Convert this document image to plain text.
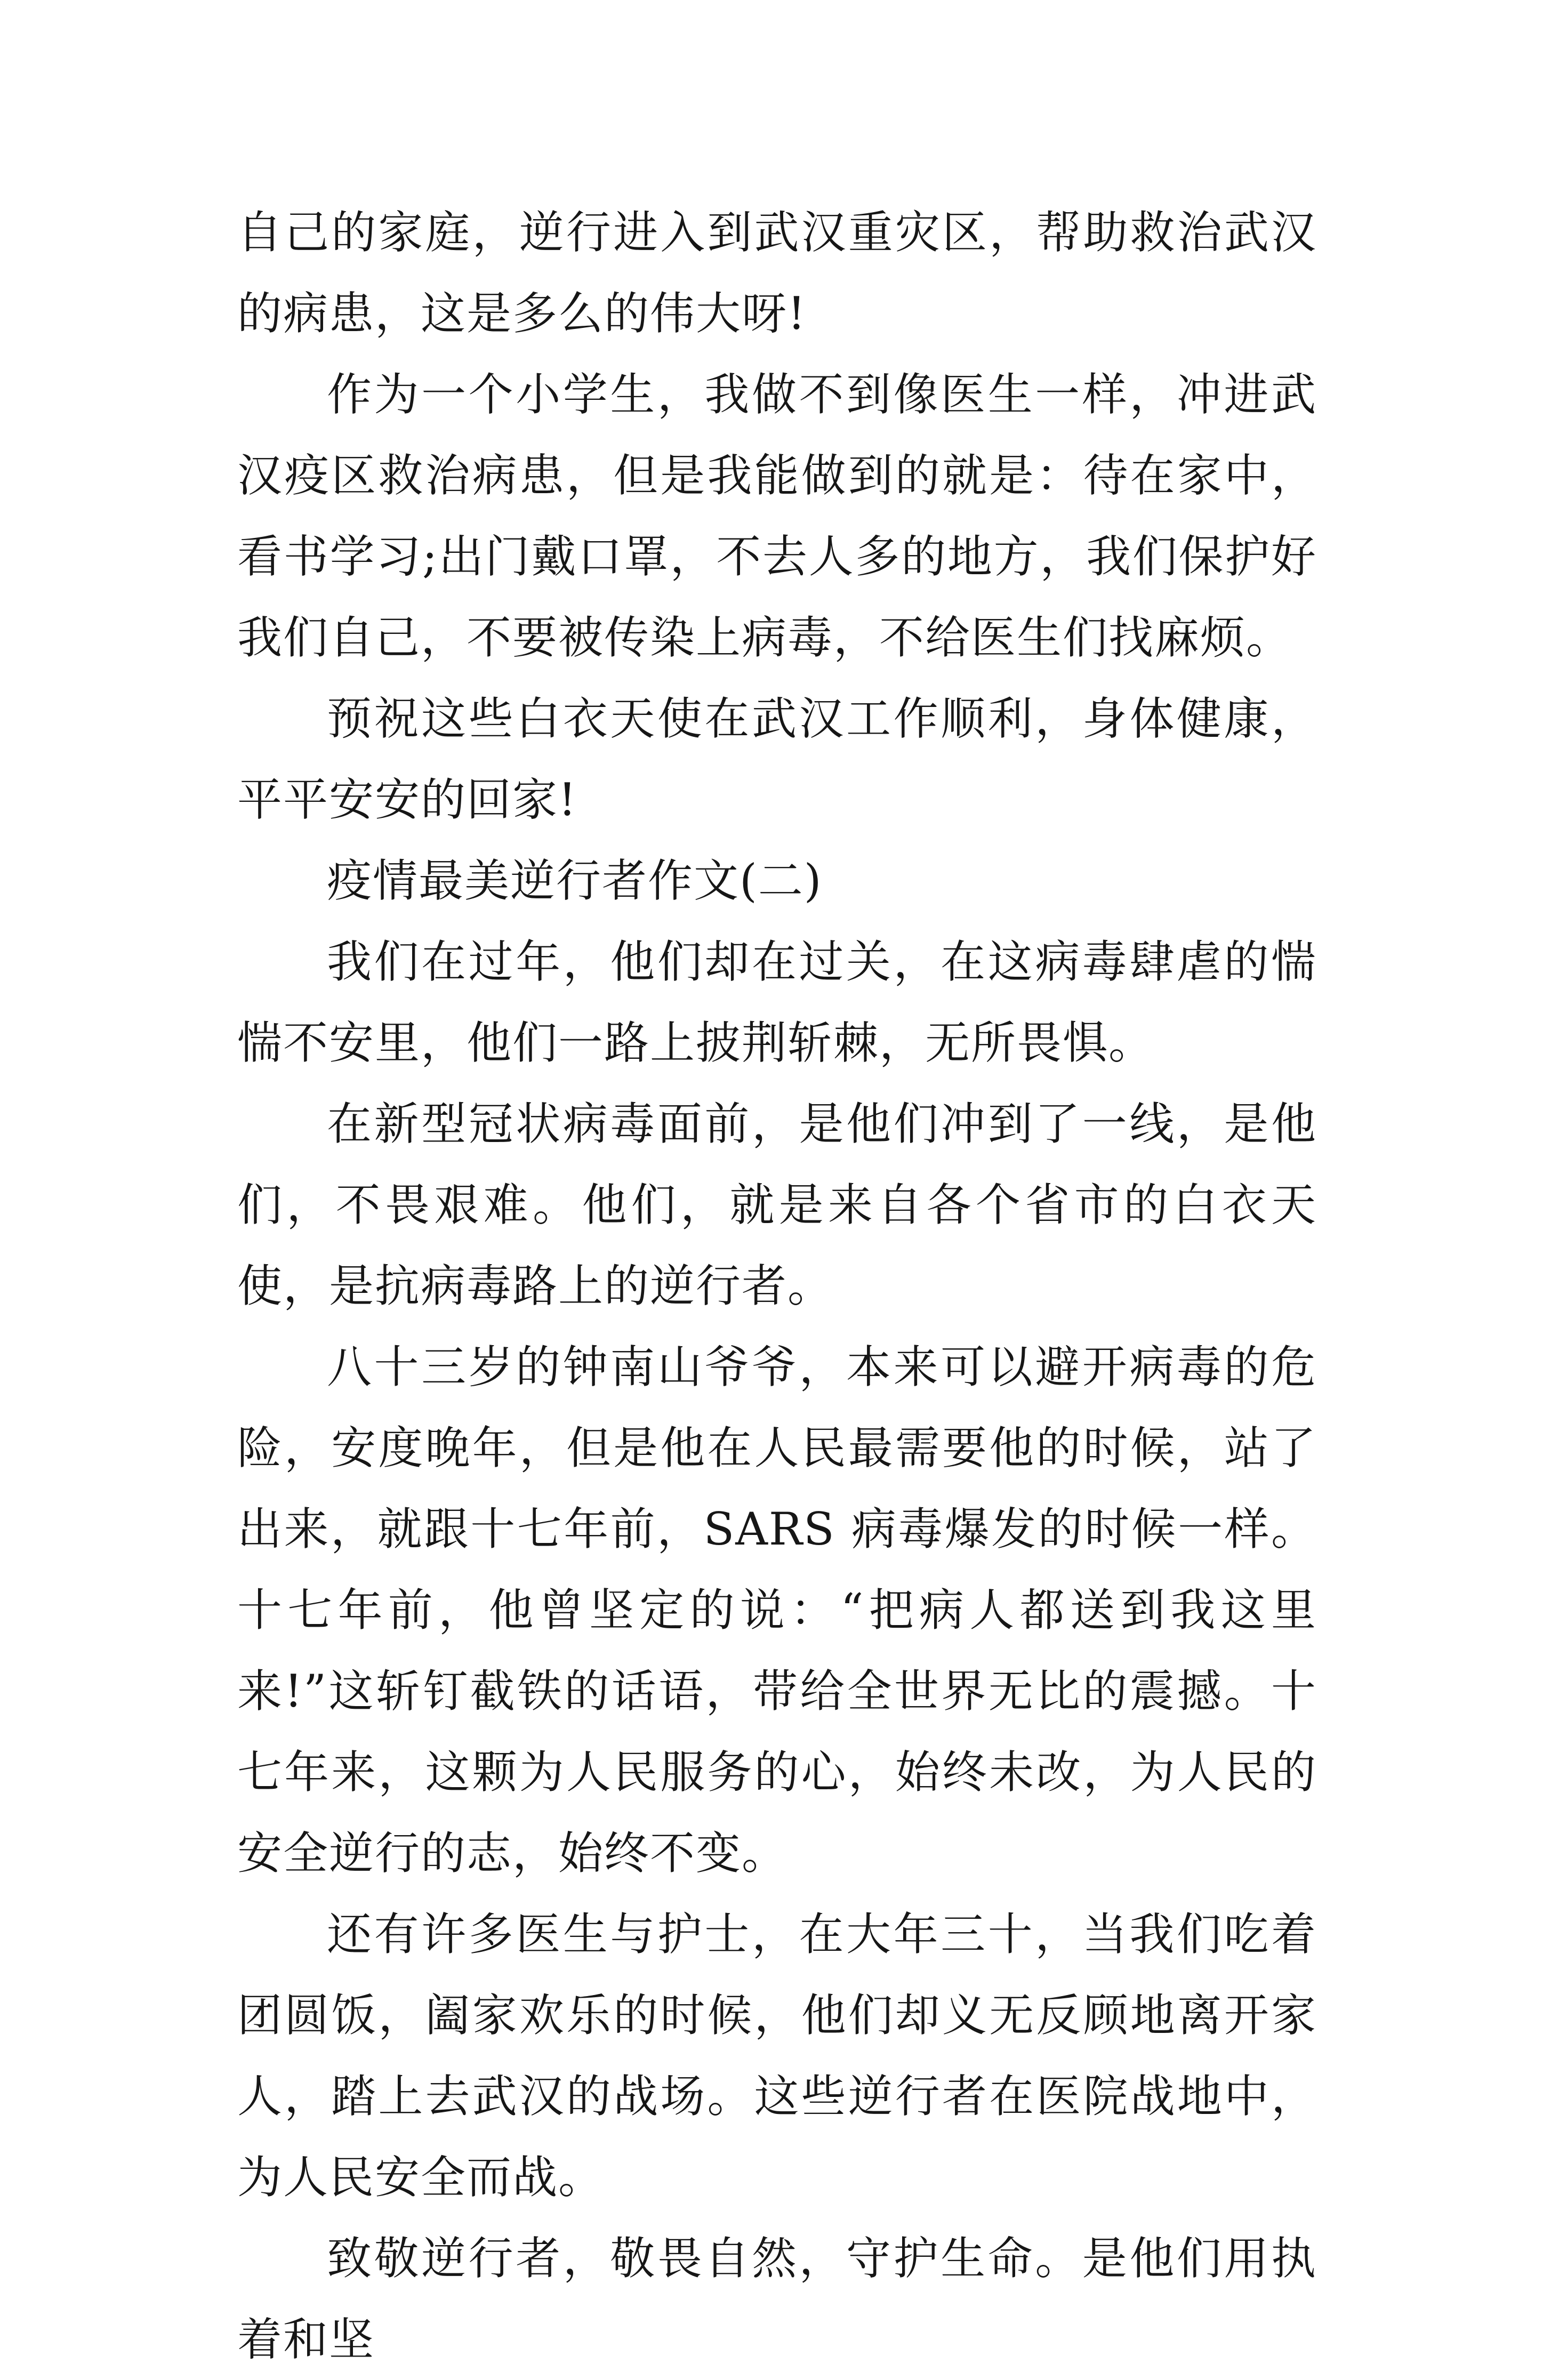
自己的家庭，逆行进入到武汉重灾区，帮助救治武汉的病患，这是多么的伟大呀!

作为一个小学生，我做不到像医生一样，冲进武汉疫区救治病患，但是我能做到的就是：待在家中，看书学习;出门戴口罩，不去人多的地方，我们保护好我们自己，不要被传染上病毒，不给医生们找麻烦。

预祝这些白衣天使在武汉工作顺利，身体健康，平平安安的回家!

疫情最美逆行者作文(二)

我们在过年，他们却在过关，在这病毒肆虐的惴惴不安里，他们一路上披荆斩棘，无所畏惧。

在新型冠状病毒面前，是他们冲到了一线，是他们，不畏艰难。他们，就是来自各个省市的白衣天使，是抗病毒路上的逆行者。

八十三岁的钟南山爷爷，本来可以避开病毒的危险，安度晚年，但是他在人民最需要他的时候，站了出来，就跟十七年前，SARS 病毒爆发的时候一样。十七年前，他曾坚定的说：“把病人都送到我这里来!”这斩钉截铁的话语，带给全世界无比的震撼。十七年来，这颗为人民服务的心，始终未改，为人民的安全逆行的志，始终不变。

还有许多医生与护士，在大年三十，当我们吃着团圆饭，阖家欢乐的时候，他们却义无反顾地离开家人，踏上去武汉的战场。这些逆行者在医院战地中，为人民安全而战。

致敬逆行者，敬畏自然，守护生命。是他们用执着和坚
